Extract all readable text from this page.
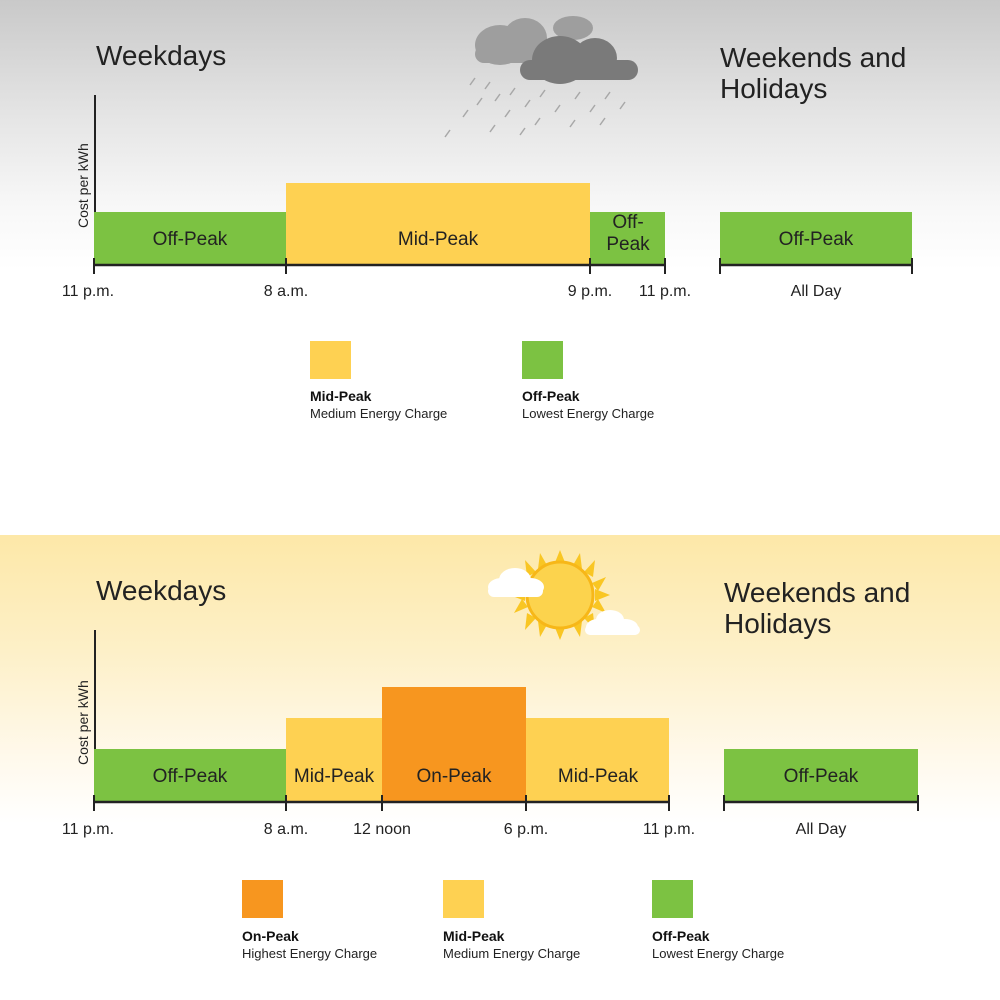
Weekdays	Weekends and
Holidays
Cost per kWh
Off-Peak	Mid-Peak
Off-
Peak	Off-Peak
11 p.m.	8 a.m.	9 p.m. 11 p.m.	All Day
Mid-Peak
Medium Energy Charge
Off-Peak
Lowest Energy Charge
Weekdays	Weekends and
Holidays
Cost per kWh
Off-Peak	Mid-Peak On-Peak	Mid-Peak	Off-Peak
11 p.m.	8 a.m.	12 noon	6 p.m.	11 p.m.	All Day
On-Peak
Highest Energy Charge
Mid-Peak
Medium Energy Charge
Off-Peak
Lowest Energy Charge
